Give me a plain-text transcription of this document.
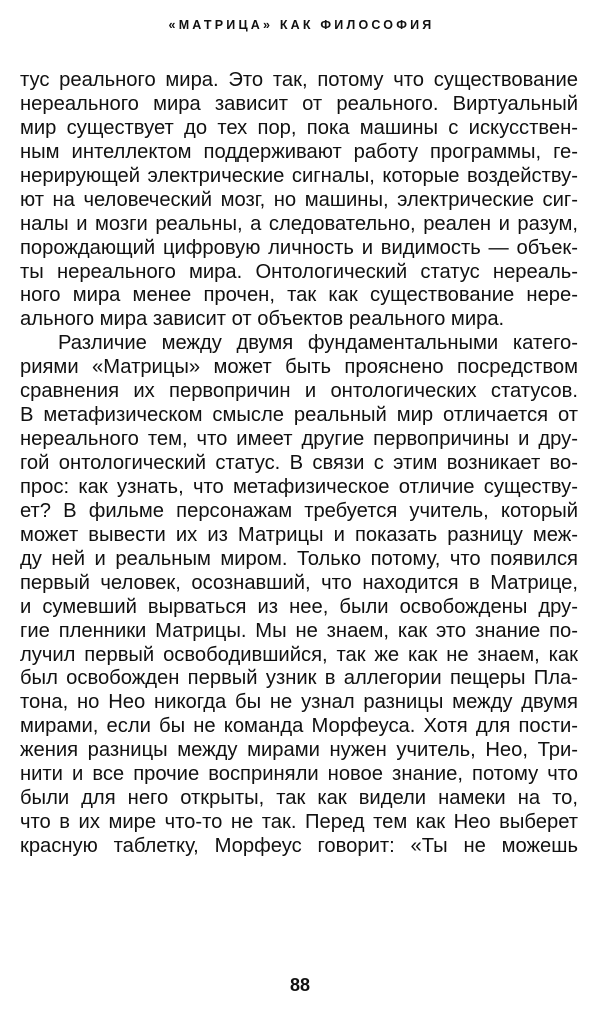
«МАТРИЦА» КАК ФИЛОСОФИЯ
тус реального мира. Это так, потому что существование
нереального мира зависит от реального. Виртуальный
мир существует до тех пор, пока машины с искусствен-
ным интеллектом поддерживают работу программы, ге-
нерирующей электрические сигналы, которые воздейству-
ют на человеческий мозг, но машины, электрические сиг-
налы и мозги реальны, а следовательно, реален и разум,
порождающий цифровую личность и видимость — объек-
ты нереального мира. Онтологический статус нереаль-
ного мира менее прочен, так как существование нере-
ального мира зависит от объектов реального мира.
Различие между двумя фундаментальными катего-
риями «Матрицы» может быть прояснено посредством
сравнения их первопричин и онтологических статусов.
В метафизическом смысле реальный мир отличается от
нереального тем, что имеет другие первопричины и дру-
гой онтологический статус. В связи с этим возникает во-
прос: как узнать, что метафизическое отличие существу-
ет? В фильме персонажам требуется учитель, который
может вывести их из Матрицы и показать разницу меж-
ду ней и реальным миром. Только потому, что появился
первый человек, осознавший, что находится в Матрице,
и сумевший вырваться из нее, были освобождены дру-
гие пленники Матрицы. Мы не знаем, как это знание по-
лучил первый освободившийся, так же как не знаем, как
был освобожден первый узник в аллегории пещеры Пла-
тона, но Нео никогда бы не узнал разницы между двумя
мирами, если бы не команда Морфеуса. Хотя для пости-
жения разницы между мирами нужен учитель, Нео, Три-
нити и все прочие восприняли новое знание, потому что
были для него открыты, так как видели намеки на то,
что в их мире что-то не так. Перед тем как Нео выберет
красную таблетку, Морфеус говорит: «Ты не можешь
88
